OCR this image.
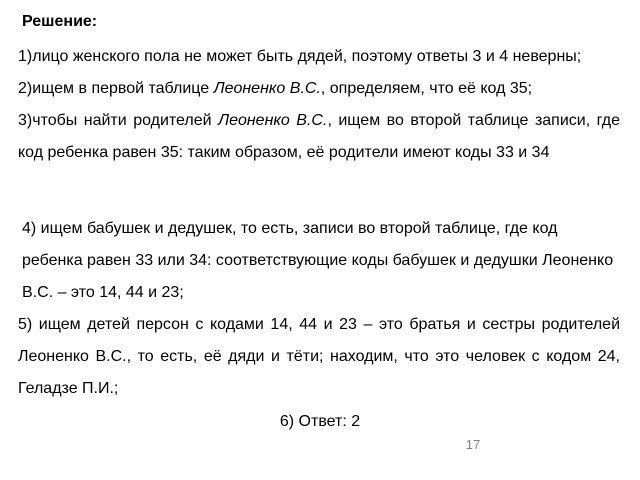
Решение:

1)лицо женского пола не может быть дядей, поэтому ответы 3 и 4 неверны;

2)ищем в первой таблице Леоненко В.С., определяем, что её код 35;

3)чтобы найти родителей Леоненко В.С., ищем во второй таблице записи, где код ребенка равен 35: таким образом, её родители имеют коды 33 и 34

4) ищем бабушек и дедушек, то есть, записи во второй таблице, где код ребенка равен 33 или 34: соответствующие коды бабушек и дедушки Леоненко В.С. – это 14, 44 и 23;

5) ищем детей персон с кодами 14, 44 и 23 – это братья и сестры родителей Леоненко В.С., то есть, её дяди и тёти; находим, что это человек с кодом 24, Геладзе П.И.;

6) Ответ: 2

17
